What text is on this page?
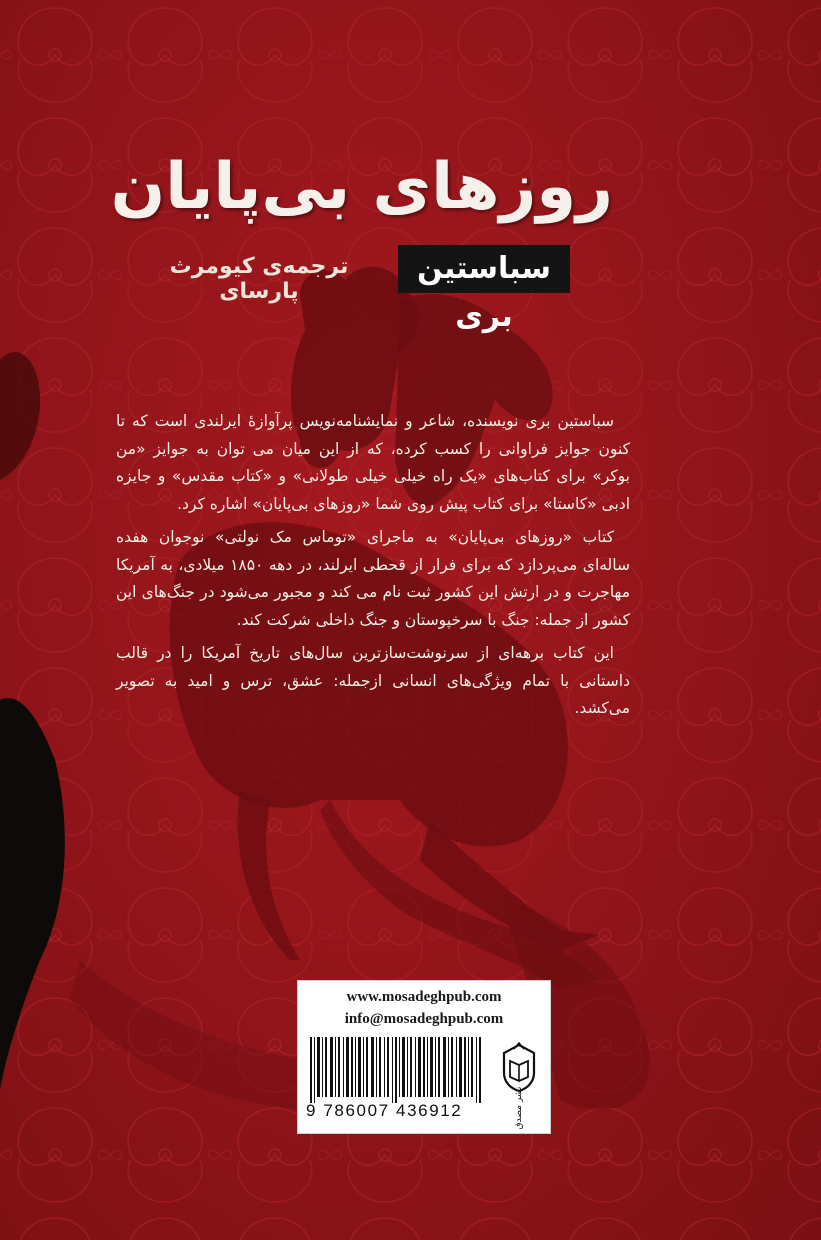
روزهای بی‌پایان
سباستین بری
ترجمه‌ی کیومرث پارسای

سباستین بری نویسنده، شاعر و نمایشنامه‌نویس پرآوازهٔ ایرلندی است که تا کنون جوایز فراوانی را کسب کرده، که از این میان می توان به جوایز «من بوکر» برای کتاب‌های «یک راه خیلی خیلی طولانی» و «کتاب مقدس» و جایزه ادبی «کاستا» برای کتاب پیش روی شما «روزهای بی‌پایان» اشاره کرد.

کتاب «روزهای بی‌پایان» به ماجرای «توماس مک نولتی» نوجوان هفده ساله‌ای می‌پردازد که برای فرار از قحطی ایرلند، در دهه ۱۸۵۰ میلادی، به آمریکا مهاجرت و در ارتش این کشور ثبت نام می کند و مجبور می‌شود در جنگ‌های این کشور از جمله: جنگ با سرخپوستان و جنگ داخلی شرکت کند.

این کتاب برهه‌ای از سرنوشت‌سازترین سال‌های تاریخ آمریکا را در قالب داستانی با تمام ویژگی‌های انسانی ازجمله: عشق، ترس و امید به تصویر می‌کشد.

www.mosadeghpub.com
info@mosadeghpub.com
9 786007 436912	نشر مصدق
